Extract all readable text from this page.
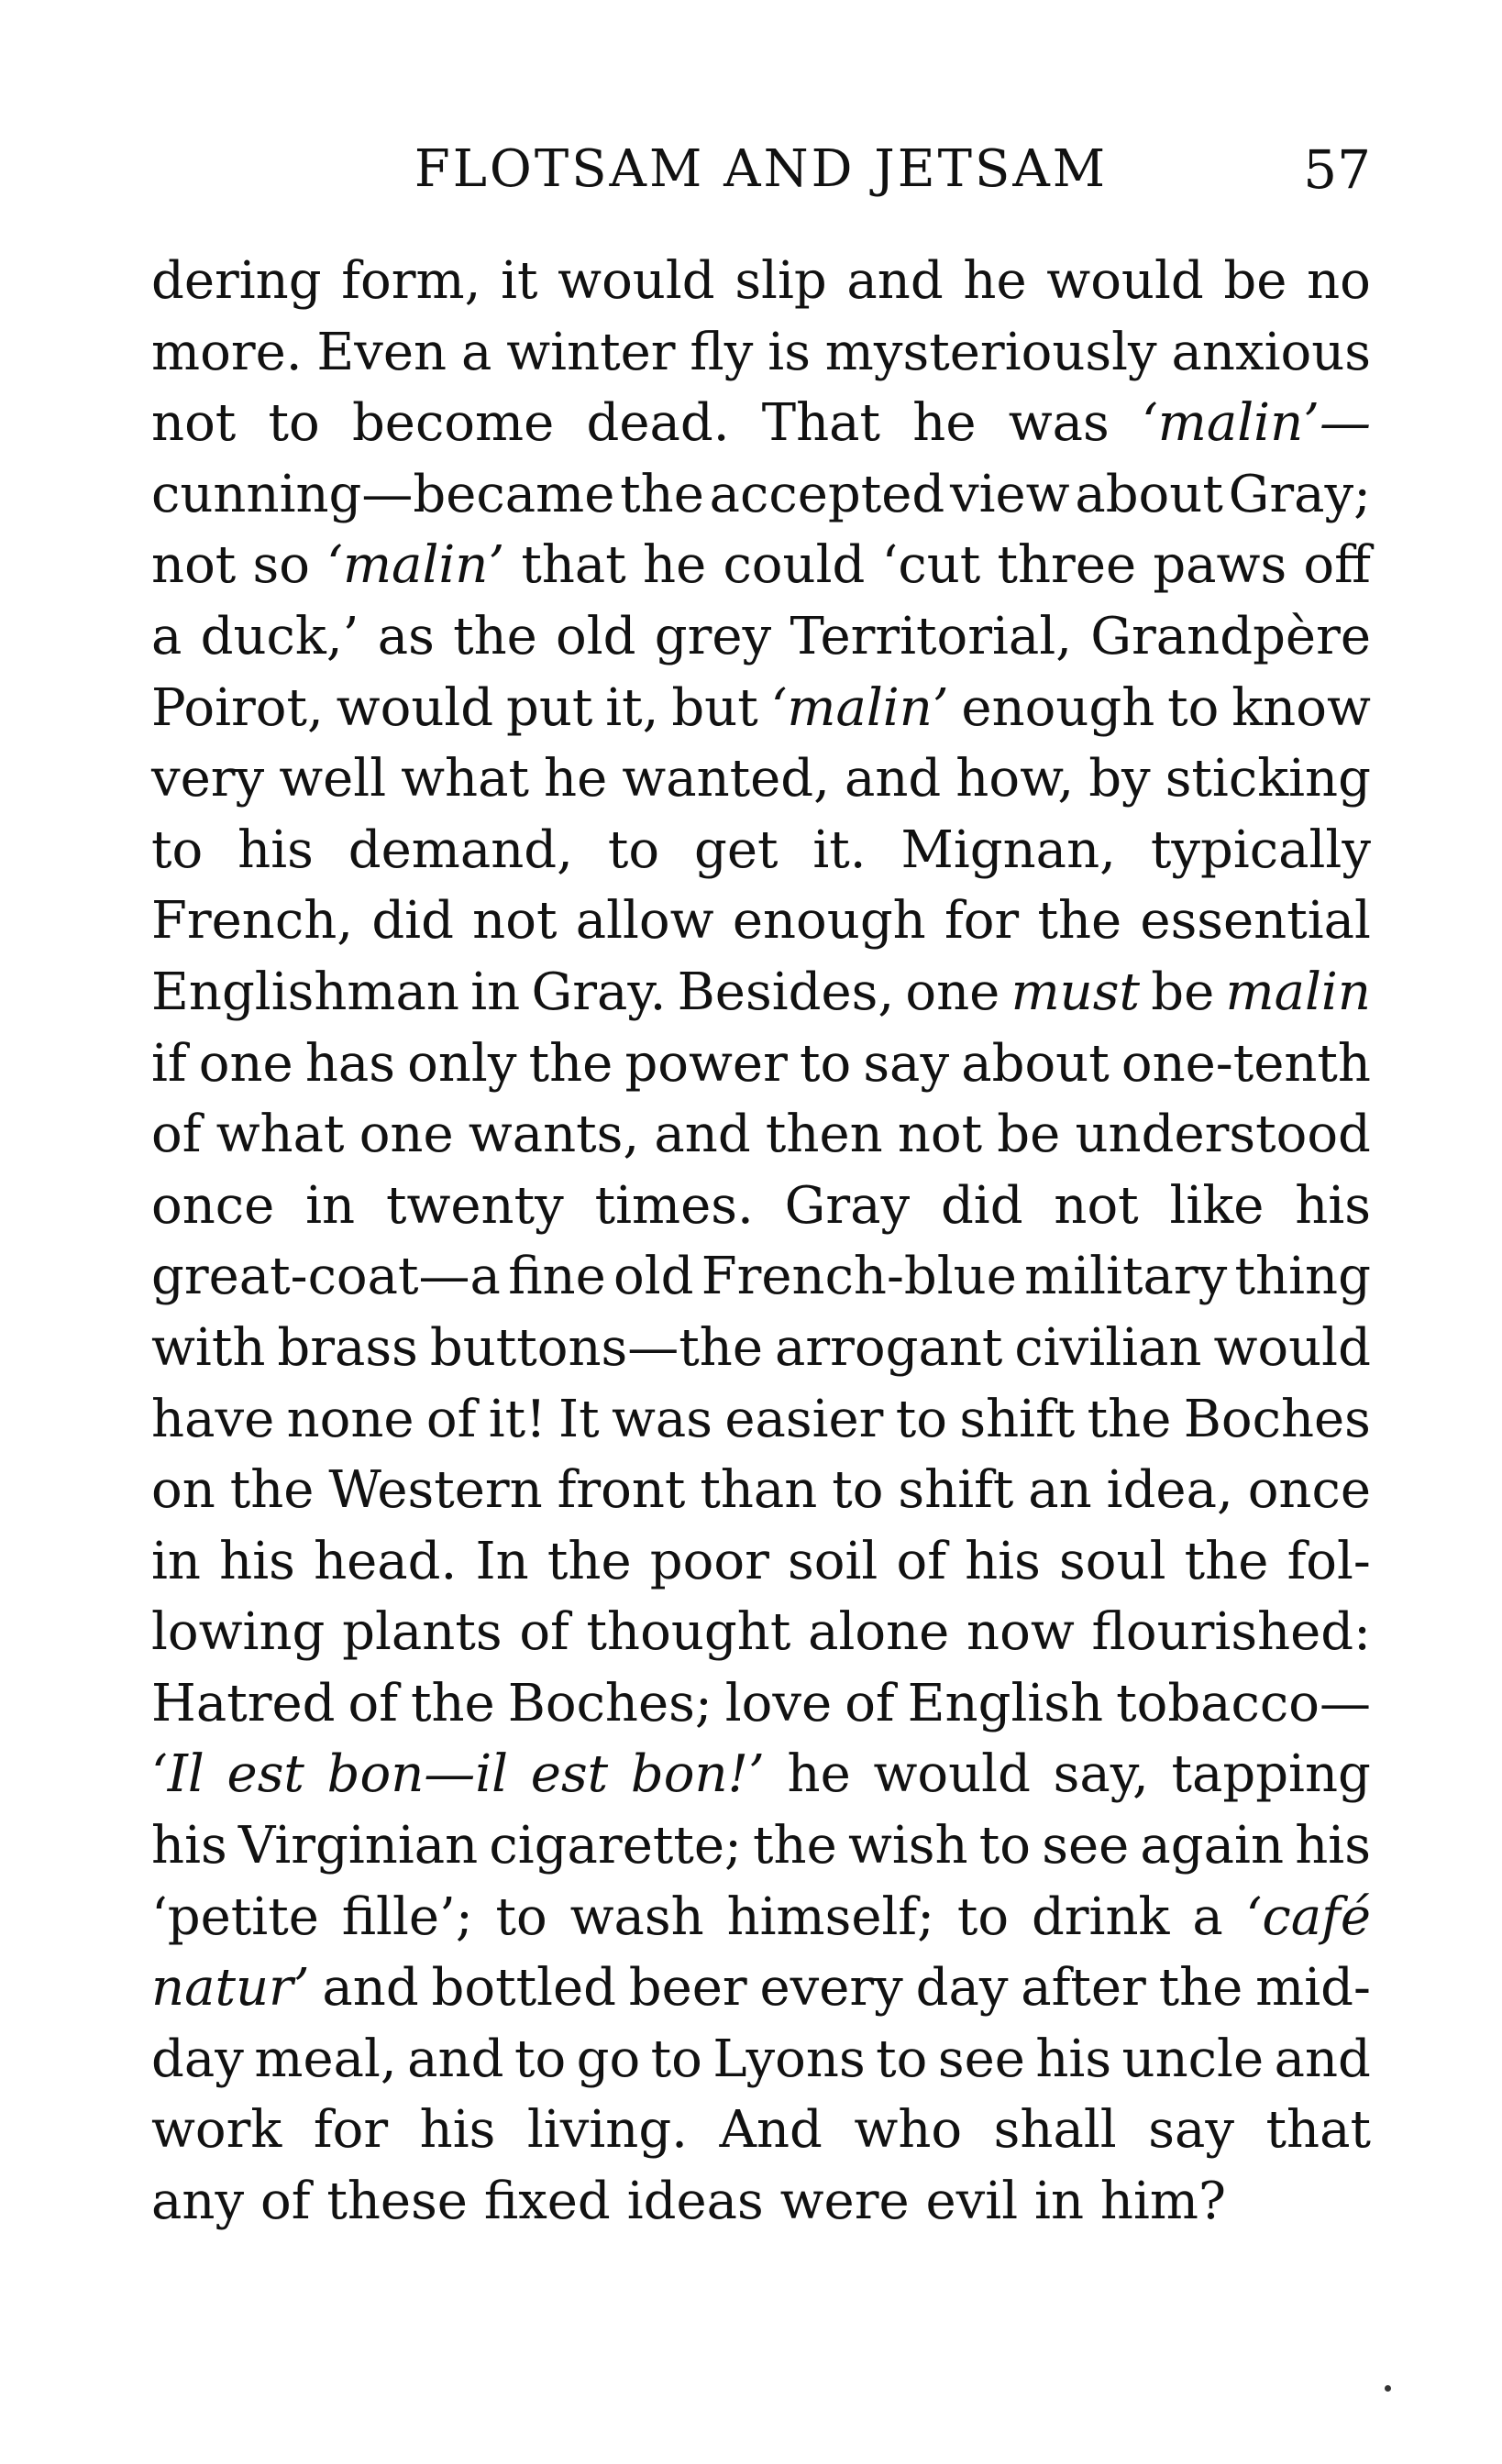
FLOTSAM AND JETSAM	57
dering form, it would slip and he would be no
more. Even a winter fly is mysteriously anxious
not to become dead. That he was ‘malin’—
cunning—became the accepted view about Gray;
not so ‘malin’ that he could ‘cut three paws off
a duck,’ as the old grey Territorial, Grandpère
Poirot, would put it, but ‘malin’ enough to know
very well what he wanted, and how, by sticking
to his demand, to get it. Mignan, typically
French, did not allow enough for the essential
Englishman in Gray. Besides, one must be malin
if one has only the power to say about one-tenth
of what one wants, and then not be understood
once in twenty times. Gray did not like his
great-coat—a fine old French-blue military thing
with brass buttons—the arrogant civilian would
have none of it! It was easier to shift the Boches
on the Western front than to shift an idea, once
in his head. In the poor soil of his soul the fol-
lowing plants of thought alone now flourished:
Hatred of the Boches; love of English tobacco—
‘Il est bon—il est bon!’ he would say, tapping
his Virginian cigarette; the wish to see again his
‘petite fille’; to wash himself; to drink a ‘café
natur’ and bottled beer every day after the mid-
day meal, and to go to Lyons to see his uncle and
work for his living. And who shall say that
any of these fixed ideas were evil in him?
